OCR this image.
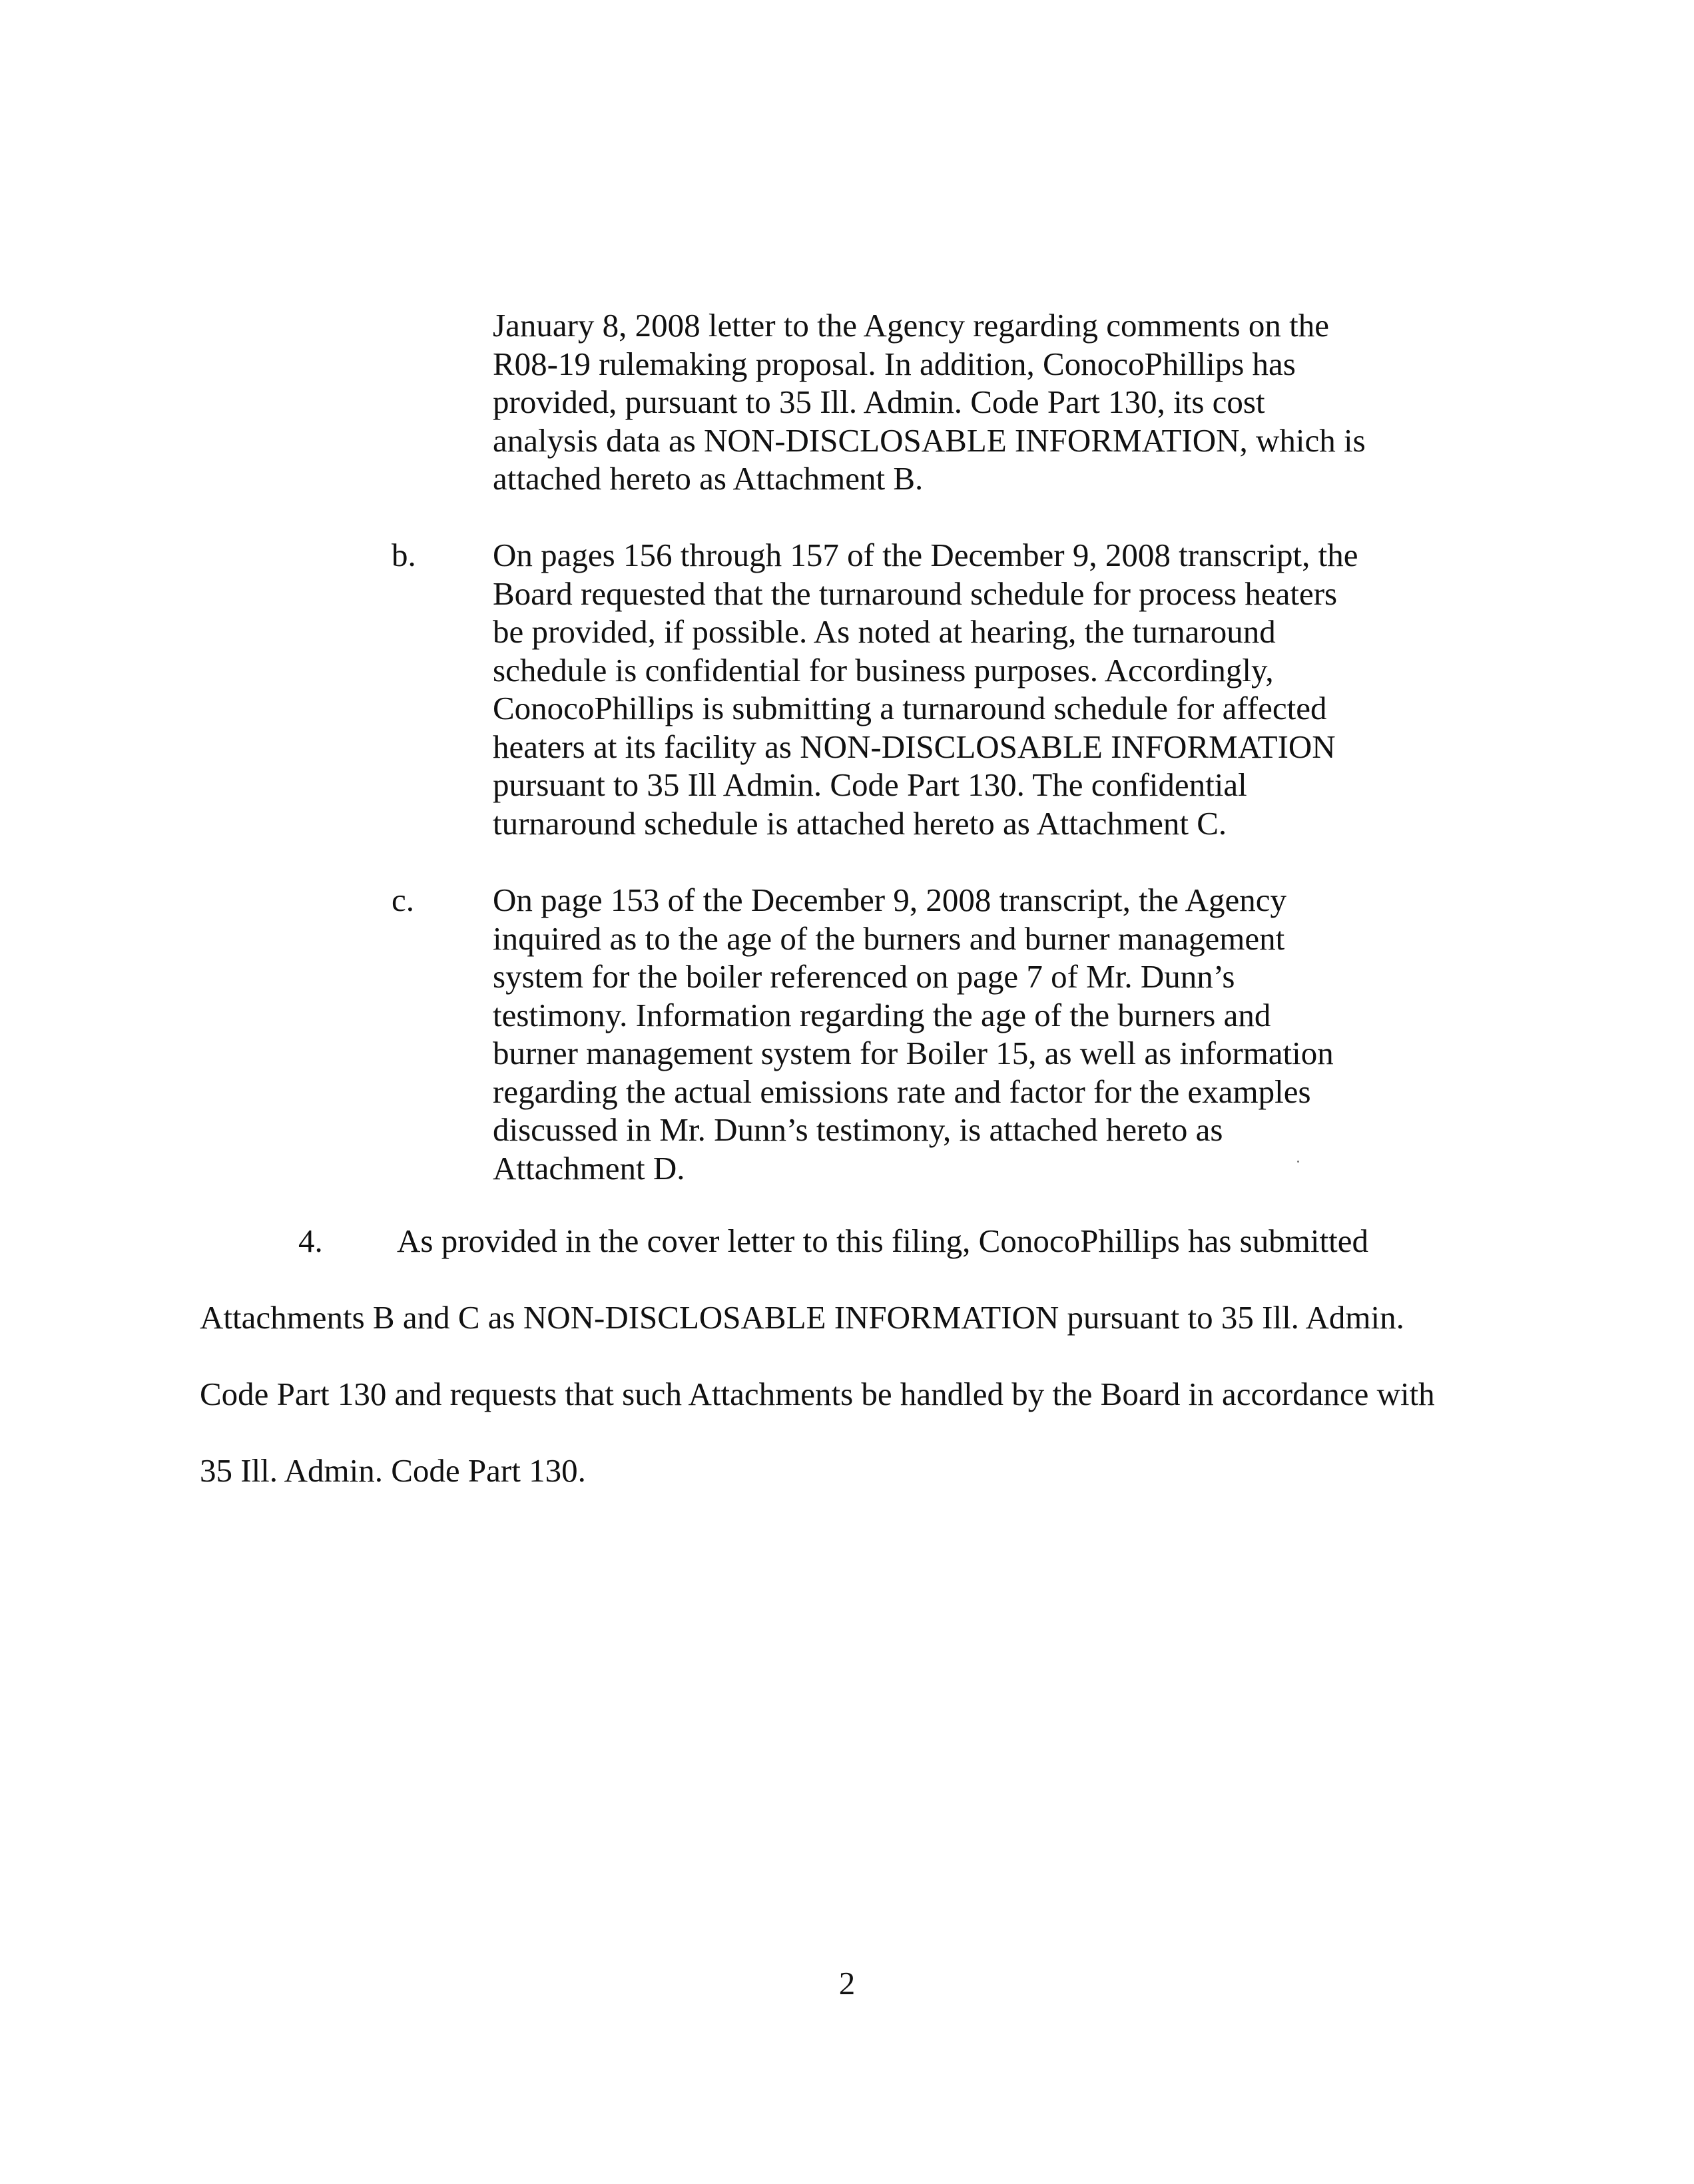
January 8, 2008 letter to the Agency regarding comments on the
R08-19 rulemaking proposal. In addition, ConocoPhillips has
provided, pursuant to 35 Ill. Admin. Code Part 130, its cost
analysis data as NON-DISCLOSABLE INFORMATION, which is
attached hereto as Attachment B.

b. On pages 156 through 157 of the December 9, 2008 transcript, the
Board requested that the turnaround schedule for process heaters
be provided, if possible. As noted at hearing, the turnaround
schedule is confidential for business purposes. Accordingly,
ConocoPhillips is submitting a turnaround schedule for affected
heaters at its facility as NON-DISCLOSABLE INFORMATION
pursuant to 35 Ill Admin. Code Part 130. The confidential
turnaround schedule is attached hereto as Attachment C.

c. On page 153 of the December 9, 2008 transcript, the Agency
inquired as to the age of the burners and burner management
system for the boiler referenced on page 7 of Mr. Dunn’s
testimony. Information regarding the age of the burners and
burner management system for Boiler 15, as well as information
regarding the actual emissions rate and factor for the examples
discussed in Mr. Dunn’s testimony, is attached hereto as
Attachment D.
4. As provided in the cover letter to this filing, ConocoPhillips has submitted
Attachments B and C as NON-DISCLOSABLE INFORMATION pursuant to 35 Ill. Admin.
Code Part 130 and requests that such Attachments be handled by the Board in accordance with
35 Ill. Admin. Code Part 130.
2
